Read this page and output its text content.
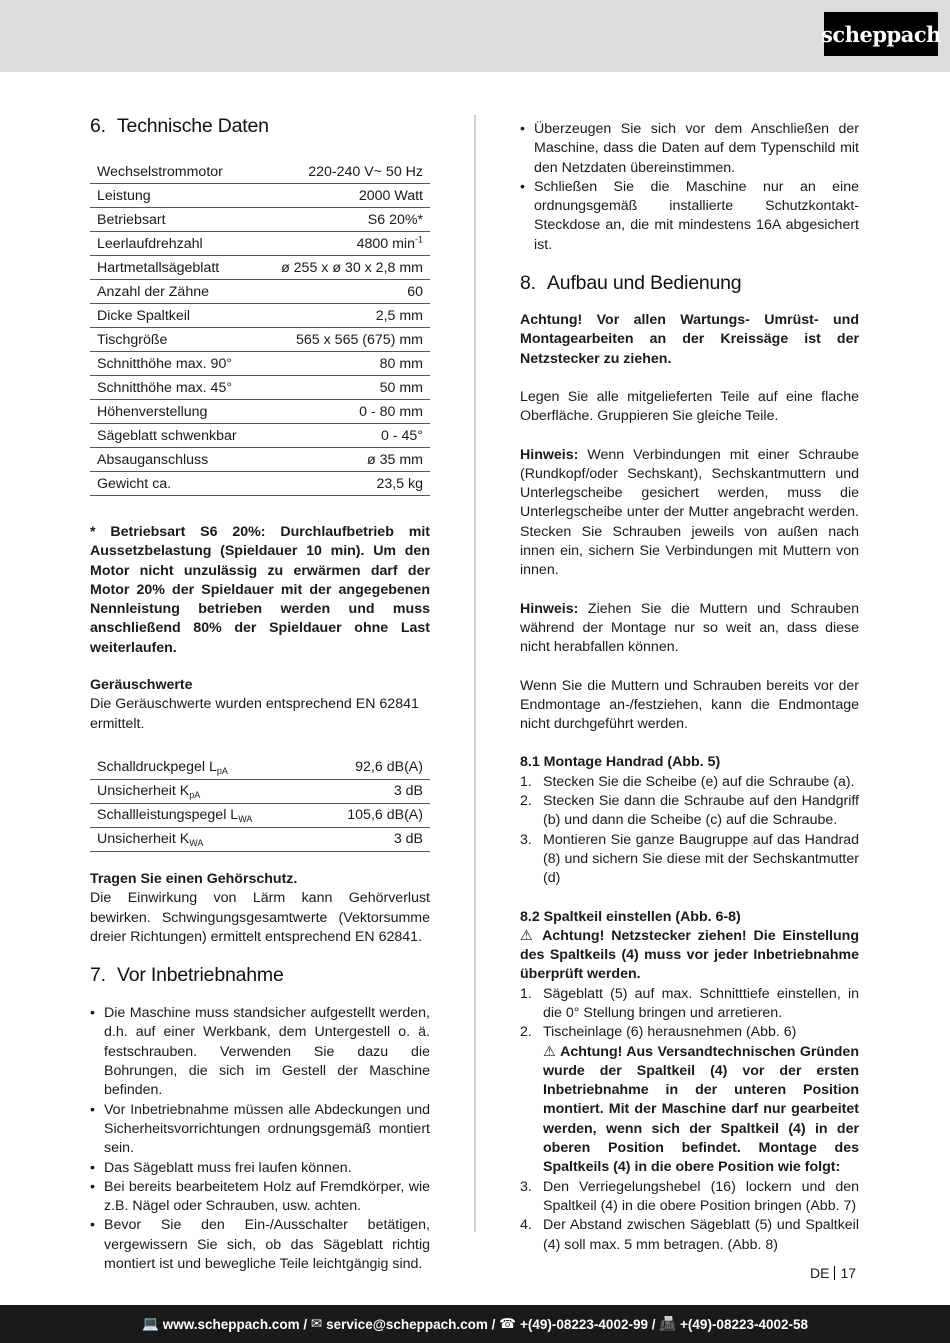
scheppach
6. Technische Daten
Wechselstrommotor	220-240 V~ 50 Hz
Leistung	2000 Watt
Betriebsart	S6 20%*
Leerlaufdrehzahl	4800 $\min^{-1}$
Hartmetallsägeblatt	ø 255 x ø 30 x 2,8 mm
Anzahl der Zähne	60
Dicke Spaltkeil	2,5 mm
Tischgröße	565 x 565 (675) mm
Schnitthöhe max. 90°	80 mm
Schnitthöhe max. 45°	50 mm
Höhenverstellung	0 - 80 mm
Sägeblatt schwenkbar	0 - 45°
Absauganschluss	ø 35 mm
Gewicht ca.	23,5 kg

* Betriebsart S6 20%: Durchlaufbetrieb mit Aussetzbelastung (Spieldauer 10 min). Um den Motor nicht unzulässig zu erwärmen darf der Motor 20% der Spieldauer mit der angegebenen Nennleistung betrieben werden und muss anschließend 80% der Spieldauer ohne Last weiterlaufen.

Geräuschwerte

Die Geräuschwerte wurden entsprechend EN 62841 ermittelt.

Schalldruckpegel $L_{pA}$	92,6 dB(A)
Unsicherheit $K_{pA}$	3 dB
Schallleistungspegel $L_{WA}$	105,6 dB(A)
Unsicherheit $K_{WA}$	3 dB

Tragen Sie einen Gehörschutz.

Die Einwirkung von Lärm kann Gehörverlust bewirken. Schwingungsgesamtwerte (Vektorsumme dreier Richtungen) ermittelt entsprechend EN 62841.

7. Vor Inbetriebnahme
• Die Maschine muss standsicher aufgestellt werden, d.h. auf einer Werkbank, dem Untergestell o. ä. festschrauben. Verwenden Sie dazu die Bohrungen, die sich im Gestell der Maschine befinden.
• Vor Inbetriebnahme müssen alle Abdeckungen und Sicherheitsvorrichtungen ordnungsgemäß montiert sein.
• Das Sägeblatt muss frei laufen können.
• Bei bereits bearbeitetem Holz auf Fremdkörper, wie z.B. Nägel oder Schrauben, usw. achten.
• Bevor Sie den Ein-/Ausschalter betätigen, vergewissern Sie sich, ob das Sägeblatt richtig montiert ist und bewegliche Teile leichtgängig sind.
• Überzeugen Sie sich vor dem Anschließen der Maschine, dass die Daten auf dem Typenschild mit den Netzdaten übereinstimmen.
• Schließen Sie die Maschine nur an eine ordnungsgemäß installierte Schutzkontakt-Steckdose an, die mit mindestens 16A abgesichert ist.
8. Aufbau und Bedienung

Achtung! Vor allen Wartungs- Umrüst- und Montagearbeiten an der Kreissäge ist der Netzstecker zu ziehen.

Legen Sie alle mitgelieferten Teile auf eine flache Oberfläche. Gruppieren Sie gleiche Teile.

Hinweis: Wenn Verbindungen mit einer Schraube (Rundkopf/oder Sechskant), Sechskantmuttern und Unterlegscheibe gesichert werden, muss die Unterlegscheibe unter der Mutter angebracht werden. Stecken Sie Schrauben jeweils von außen nach innen ein, sichern Sie Verbindungen mit Muttern von innen.

Hinweis: Ziehen Sie die Muttern und Schrauben während der Montage nur so weit an, dass diese nicht herabfallen können.

Wenn Sie die Muttern und Schrauben bereits vor der Endmontage an-/festziehen, kann die Endmontage nicht durchgeführt werden.

8.1 Montage Handrad (Abb. 5)

1. Stecken Sie die Scheibe (e) auf die Schraube (a).
2. Stecken Sie dann die Schraube auf den Handgriff (b) und dann die Scheibe (c) auf die Schraube.
3. Montieren Sie ganze Baugruppe auf das Handrad (8) und sichern Sie diese mit der Sechskantmutter (d)

8.2 Spaltkeil einstellen (Abb. 6-8)

⚠ Achtung! Netzstecker ziehen! Die Einstellung des Spaltkeils (4) muss vor jeder Inbetriebnahme überprüft werden.

1. Sägeblatt (5) auf max. Schnitttiefe einstellen, in die 0° Stellung bringen und arretieren.
2. Tischeinlage (6) herausnehmen (Abb. 6)
⚠ Achtung! Aus Versandtechnischen Gründen wurde der Spaltkeil (4) vor der ersten Inbetriebnahme in der unteren Position montiert. Mit der Maschine darf nur gearbeitet werden, wenn sich der Spaltkeil (4) in der oberen Position befindet. Montage des Spaltkeils (4) in die obere Position wie folgt:
3. Den Verriegelungshebel (16) lockern und den Spaltkeil (4) in die obere Position bringen (Abb. 7)
4. Der Abstand zwischen Sägeblatt (5) und Spaltkeil (4) soll max. 5 mm betragen. (Abb. 8)
DE 17
💻 www.scheppach.com /
✉ service@scheppach.com /
☎ +(49)-08223-4002-99 /
📠 +(49)-08223-4002-58
